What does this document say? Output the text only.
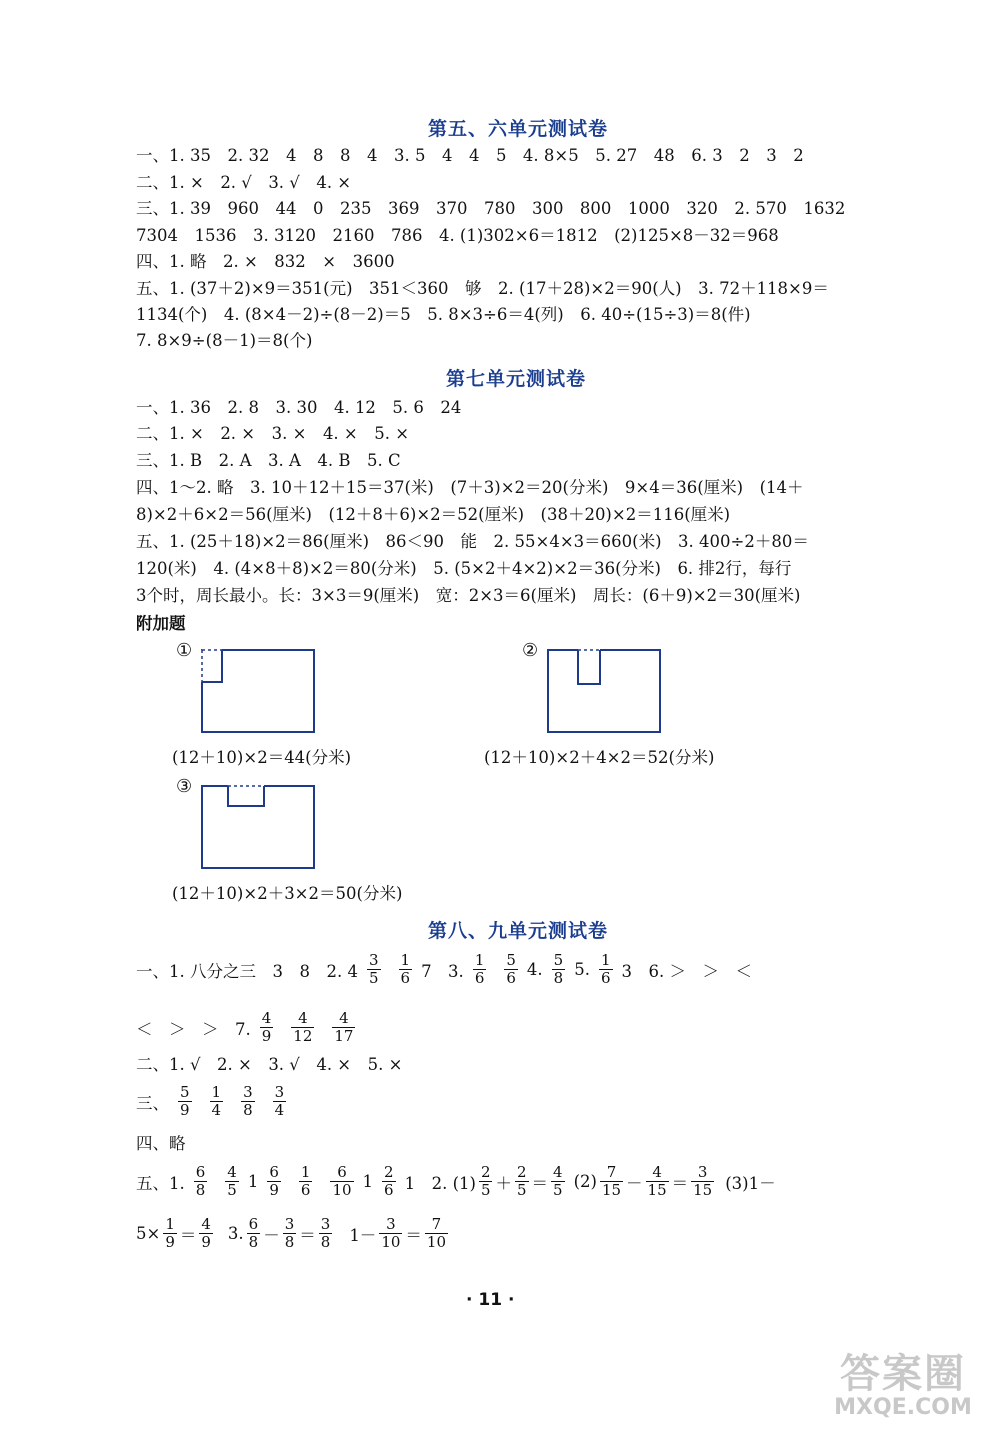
第五、六单元测试卷
一、1. 35　2. 32　4　8　8　4　3. 5　4　4　5　4. 8×5　5. 27　48　6. 3　2　3　2
二、1. ×　2. √　3. √　4. ×
三、1. 39　960　44　0　235　369　370　780　300　800　1000　320　2. 570　1632
7304　1536　3. 3120　2160　786　4. (1)302×6＝1812　(2)125×8－32＝968
四、1. 略　2. ×　832　×　3600
五、1. (37＋2)×9＝351(元)　351＜360　够　2. (17＋28)×2＝90(人)　3. 72＋118×9＝
1134(个)　4. (8×4－2)÷(8－2)＝5　5. 8×3÷6＝4(列)　6. 40÷(15÷3)＝8(件)
7. 8×9÷(8－1)＝8(个)
第七单元测试卷
一、1. 36　2. 8　3. 30　4. 12　5. 6　24
二、1. ×　2. ×　3. ×　4. ×　5. ×
三、1. B　2. A　3. A　4. B　5. C
四、1～2. 略　3. 10＋12＋15＝37(米)　(7＋3)×2＝20(分米)　9×4＝36(厘米)　(14＋
8)×2＋6×2＝56(厘米)　(12＋8＋6)×2＝52(厘米)　(38＋20)×2＝116(厘米)
五、1. (25＋18)×2＝86(厘米)　86＜90　能　2. 55×4×3＝660(米)　3. 400÷2＋80＝
120(米)　4. (4×8＋8)×2＝80(分米)　5. (5×2＋4×2)×2＝36(分米)　6. 排2行，每行
3个时，周长最小。长：3×3＝9(厘米)　宽：2×3＝6(厘米)　周长：(6＋9)×2＝30(厘米)
附加题
①
(12＋10)×2＝44(分米)
②
(12＋10)×2＋4×2＝52(分米)
③
(12＋10)×2＋3×2＝50(分米)
第八、九单元测试卷
一、1. 八分之三　3　8　2. $4 \frac{3}{5} \frac{1}{6} 7$　3. $\frac{1}{6} \frac{5}{6} 4$. $\frac{5}{8} 5$. $\frac{1}{6} 3$　6. ＞　＞　＜
＜　＞　＞　7. $\frac{4}{9} \frac{4}{12} \frac{4}{17}$
二、1. √　2. ×　3. √　4. ×　5. ×
三、 $\frac{5}{9} \frac{1}{4} \frac{3}{8} \frac{3}{4}$
四、略
五、1. $\frac{6}{8} \frac{4}{5} 1 \frac{6}{9} \frac{1}{6} \frac{6}{10} 1 \frac{2}{6} 1$　2. $(1) \frac{2}{5} + \frac{2}{5} = \frac{4}{5} (2) \frac{7}{15} - \frac{4}{15} = \frac{3}{15} (3)1-$
$5\times \frac{1}{9} = \frac{4}{9} 3$. $\frac{6}{8} - \frac{3}{8} = \frac{3}{8} 1- \frac{3}{10} = \frac{7}{10}$
· 11 ·
答案圈
MXQE.COM
